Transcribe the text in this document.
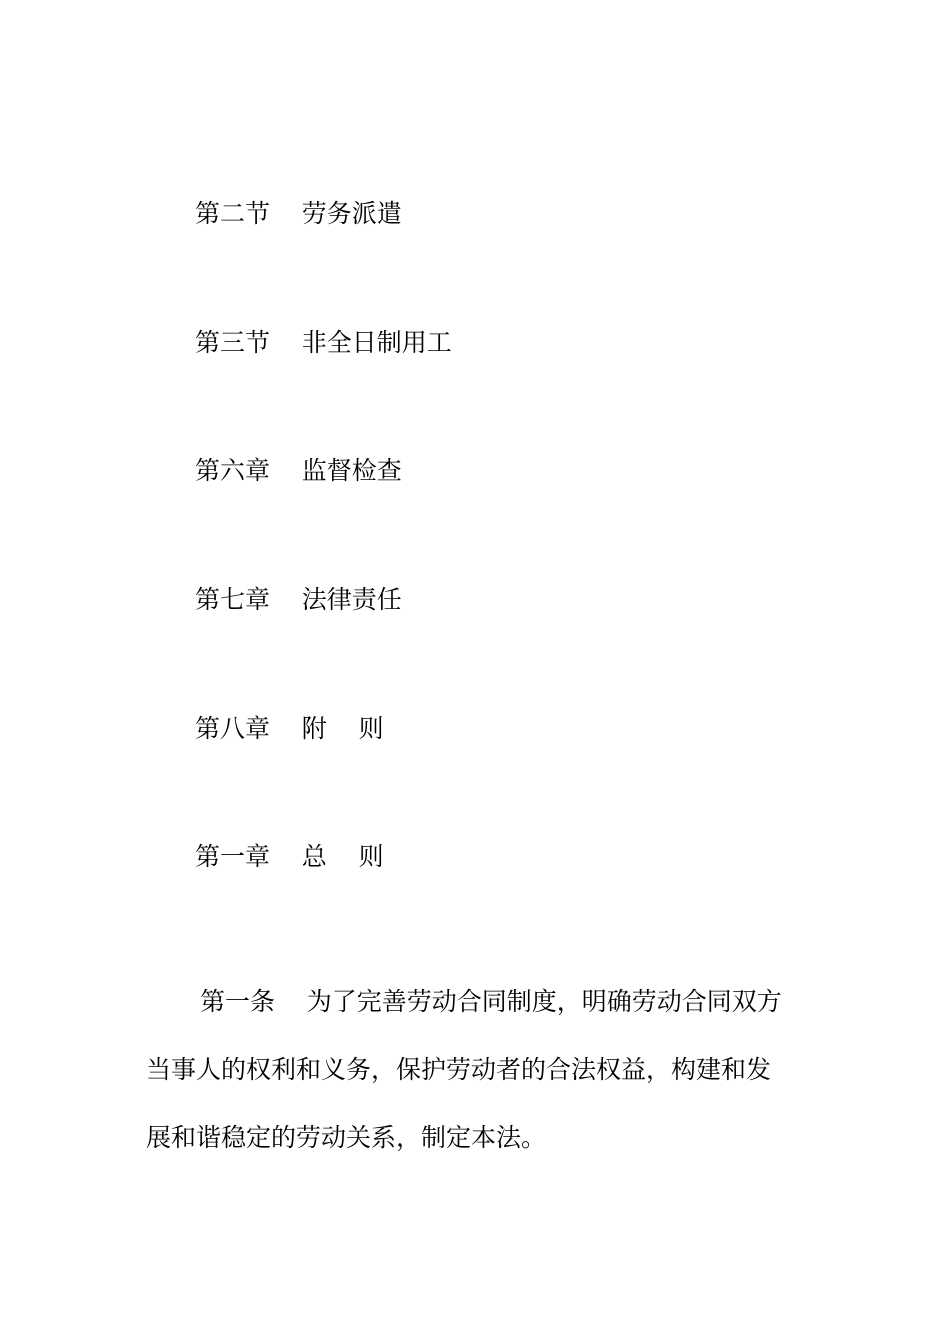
第二节    劳务派遣
第三节    非全日制用工
第六章    监督检查
第七章    法律责任
第八章    附    则
第一章    总    则
第一条    为了完善劳动合同制度，明确劳动合同双方
当事人的权利和义务，保护劳动者的合法权益，构建和发
展和谐稳定的劳动关系，制定本法。
